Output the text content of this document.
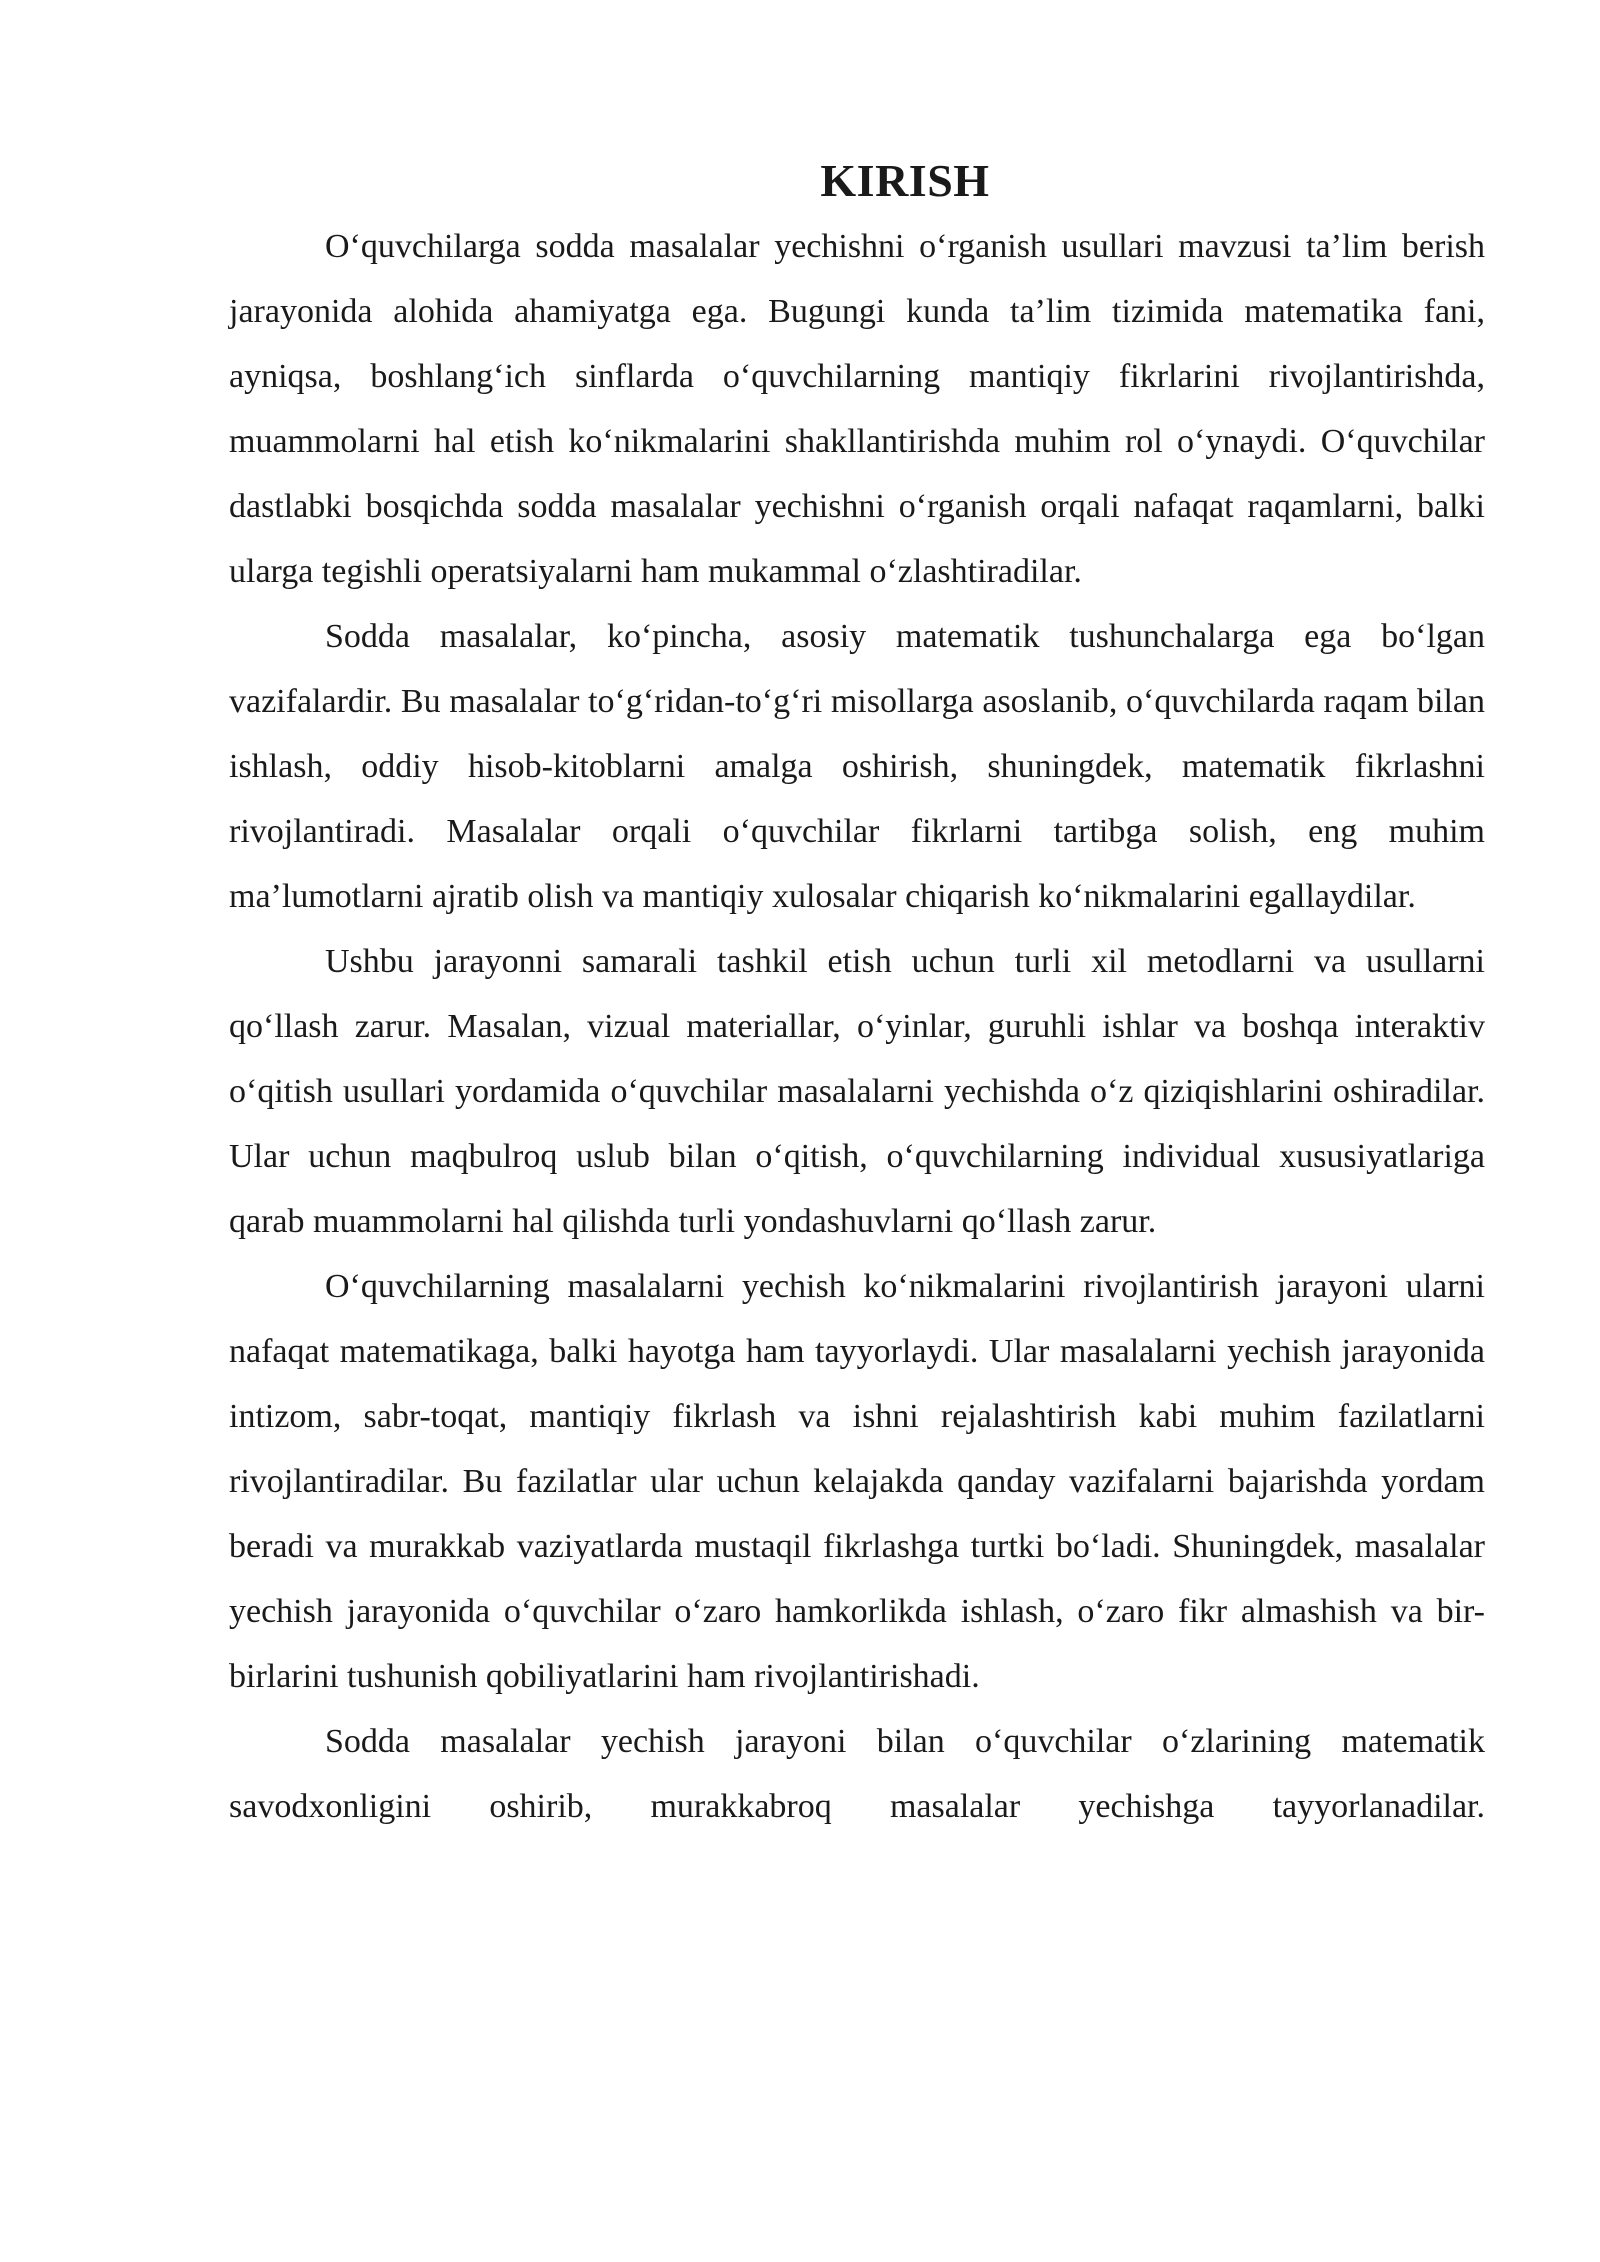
KIRISH

O‘quvchilarga sodda masalalar yechishni o‘rganish usullari mavzusi ta’lim berish jarayonida alohida ahamiyatga ega. Bugungi kunda ta’lim tizimida matematika fani, ayniqsa, boshlang‘ich sinflarda o‘quvchilarning mantiqiy fikrlarini rivojlantirishda, muammolarni hal etish ko‘nikmalarini shakllantirishda muhim rol o‘ynaydi. O‘quvchilar dastlabki bosqichda sodda masalalar yechishni o‘rganish orqali nafaqat raqamlarni, balki ularga tegishli operatsiyalarni ham mukammal o‘zlashtiradilar.

Sodda masalalar, ko‘pincha, asosiy matematik tushunchalarga ega bo‘lgan vazifalardir. Bu masalalar to‘g‘ridan-to‘g‘ri misollarga asoslanib, o‘quvchilarda raqam bilan ishlash, oddiy hisob-kitoblarni amalga oshirish, shuningdek, matematik fikrlashni rivojlantiradi. Masalalar orqali o‘quvchilar fikrlarni tartibga solish, eng muhim ma’lumotlarni ajratib olish va mantiqiy xulosalar chiqarish ko‘nikmalarini egallaydilar.

Ushbu jarayonni samarali tashkil etish uchun turli xil metodlarni va usullarni qo‘llash zarur. Masalan, vizual materiallar, o‘yinlar, guruhli ishlar va boshqa interaktiv o‘qitish usullari yordamida o‘quvchilar masalalarni yechishda o‘z qiziqishlarini oshiradilar. Ular uchun maqbulroq uslub bilan o‘qitish, o‘quvchilarning individual xususiyatlariga qarab muammolarni hal qilishda turli yondashuvlarni qo‘llash zarur.

O‘quvchilarning masalalarni yechish ko‘nikmalarini rivojlantirish jarayoni ularni nafaqat matematikaga, balki hayotga ham tayyorlaydi. Ular masalalarni yechish jarayonida intizom, sabr-toqat, mantiqiy fikrlash va ishni rejalashtirish kabi muhim fazilatlarni rivojlantiradilar. Bu fazilatlar ular uchun kelajakda qanday vazifalarni bajarishda yordam beradi va murakkab vaziyatlarda mustaqil fikrlashga turtki bo‘ladi. Shuningdek, masalalar yechish jarayonida o‘quvchilar o‘zaro hamkorlikda ishlash, o‘zaro fikr almashish va bir-birlarini tushunish qobiliyatlarini ham rivojlantirishadi.

Sodda masalalar yechish jarayoni bilan o‘quvchilar o‘zlarining matematik savodxonligini oshirib, murakkabroq masalalar yechishga tayyorlanadilar.
